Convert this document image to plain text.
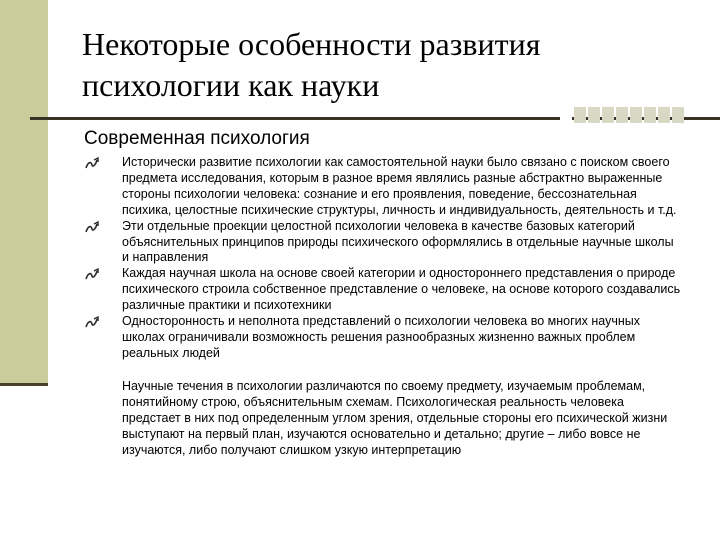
Некоторые особенности развития психологии как науки
Современная психология
Исторически развитие психологии как самостоятельной науки было связано с поиском своего предмета исследования, которым в разное время являлись разные абстрактно выраженные стороны психологии человека: сознание и его проявления, поведение, бессознательная психика, целостные психические структуры, личность и индивидуальность, деятельность и т.д.
Эти отдельные проекции целостной психологии человека в качестве базовых категорий объяснительных принципов природы психического оформлялись в отдельные научные школы и направления
Каждая научная школа на основе своей категории и одностороннего представления о природе психического строила собственное представление о человеке, на основе которого создавались различные практики и психотехники
Односторонность и неполнота представлений о психологии человека во многих научных школах ограничивали возможность решения разнообразных жизненно важных проблем реальных людей

Научные течения в психологии различаются по своему предмету, изучаемым проблемам, понятийному строю, объяснительным схемам. Психологическая реальность человека предстает в них под определенным углом зрения, отдельные стороны его психической жизни выступают на первый план, изучаются основательно и детально; другие – либо вовсе не изучаются, либо получают слишком узкую интерпретацию
